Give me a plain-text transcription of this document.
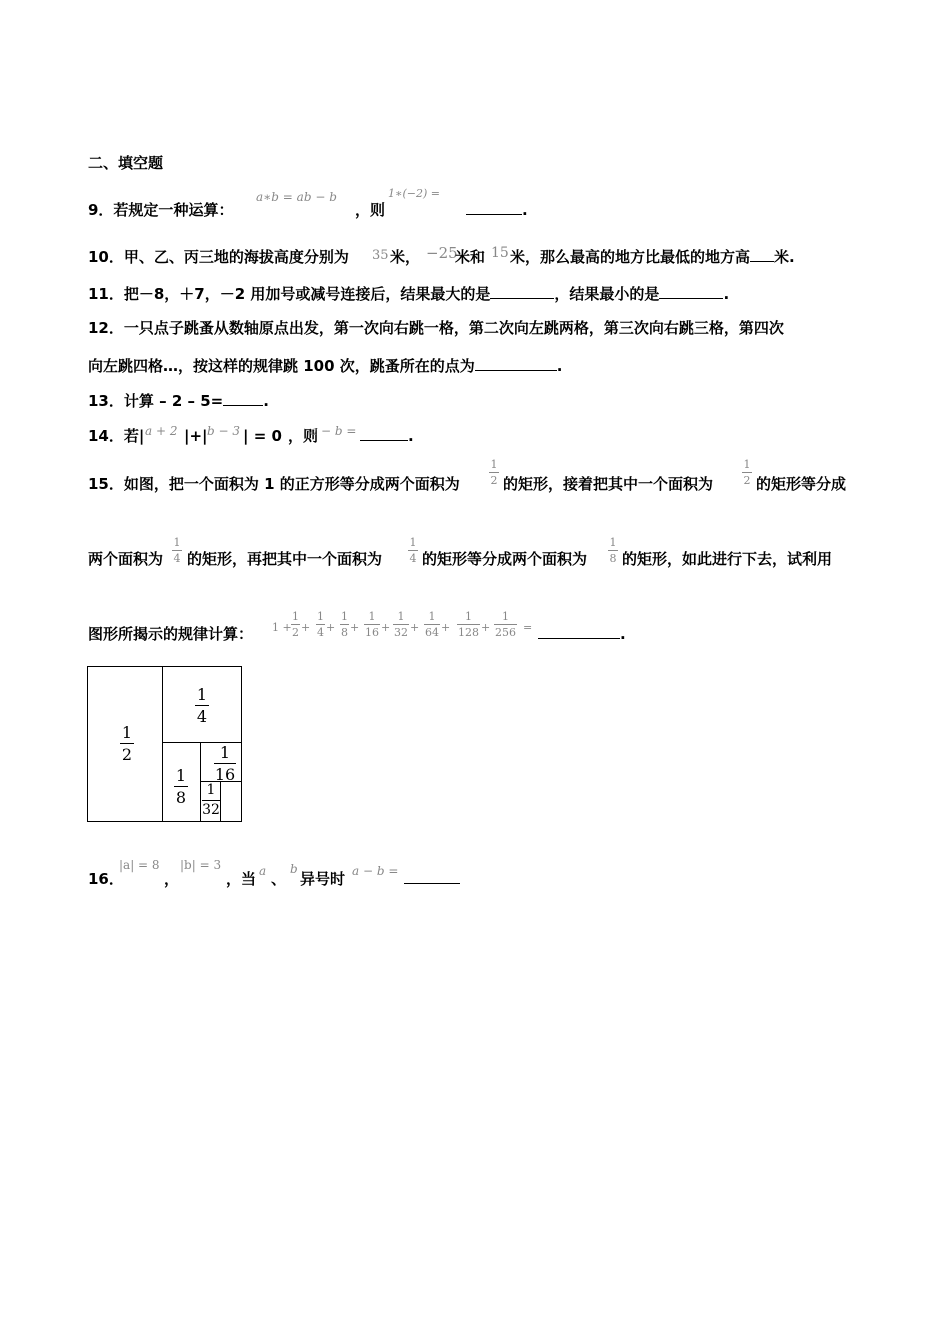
二、填空题
9．若规定一种运算：
a∗b = ab − b
，则
1∗(−2) =
.
10．甲、乙、丙三地的海拔高度分别为 35 米， −25
米和 15 米，那么最高的地方比最低的地方高 米.
11．把－8，＋7，－2 用加号或减号连接后，结果最大的是	，结果最小的是	.
12．一只点子跳蚤从数轴原点出发，第一次向右跳一格，第二次向左跳两格，第三次向右跳三格，第四次
向左跳四格…，按这样的规律跳 100 次，跳蚤所在的点为	.
13．计算 – 2 – 5=	.
14．若| a + 2 |+| b − 3 | = 0 ，则
a − b =	.
15．如图，把一个面积为 1 的正方形等分成两个面积为
1
2 的矩形，接着把其中一个面积为
1
2 的矩形等分成
两个面积为
1
4 的矩形，再把其中一个面积为
1
4 的矩形等分成两个面积为
1
8 的矩形，如此进行下去，试利用
图形所揭示的规律计算： 1 +
1
2 +
1
4 +
1
8 +
1
16 +
1
32 +
1
64 +
1
128 +
1
256 =	.
1
2
1
4
1
8
1
16
1
32
16．
|a| = 8
，
|b| = 3
，当 a 、
b
异号时 a − b =
